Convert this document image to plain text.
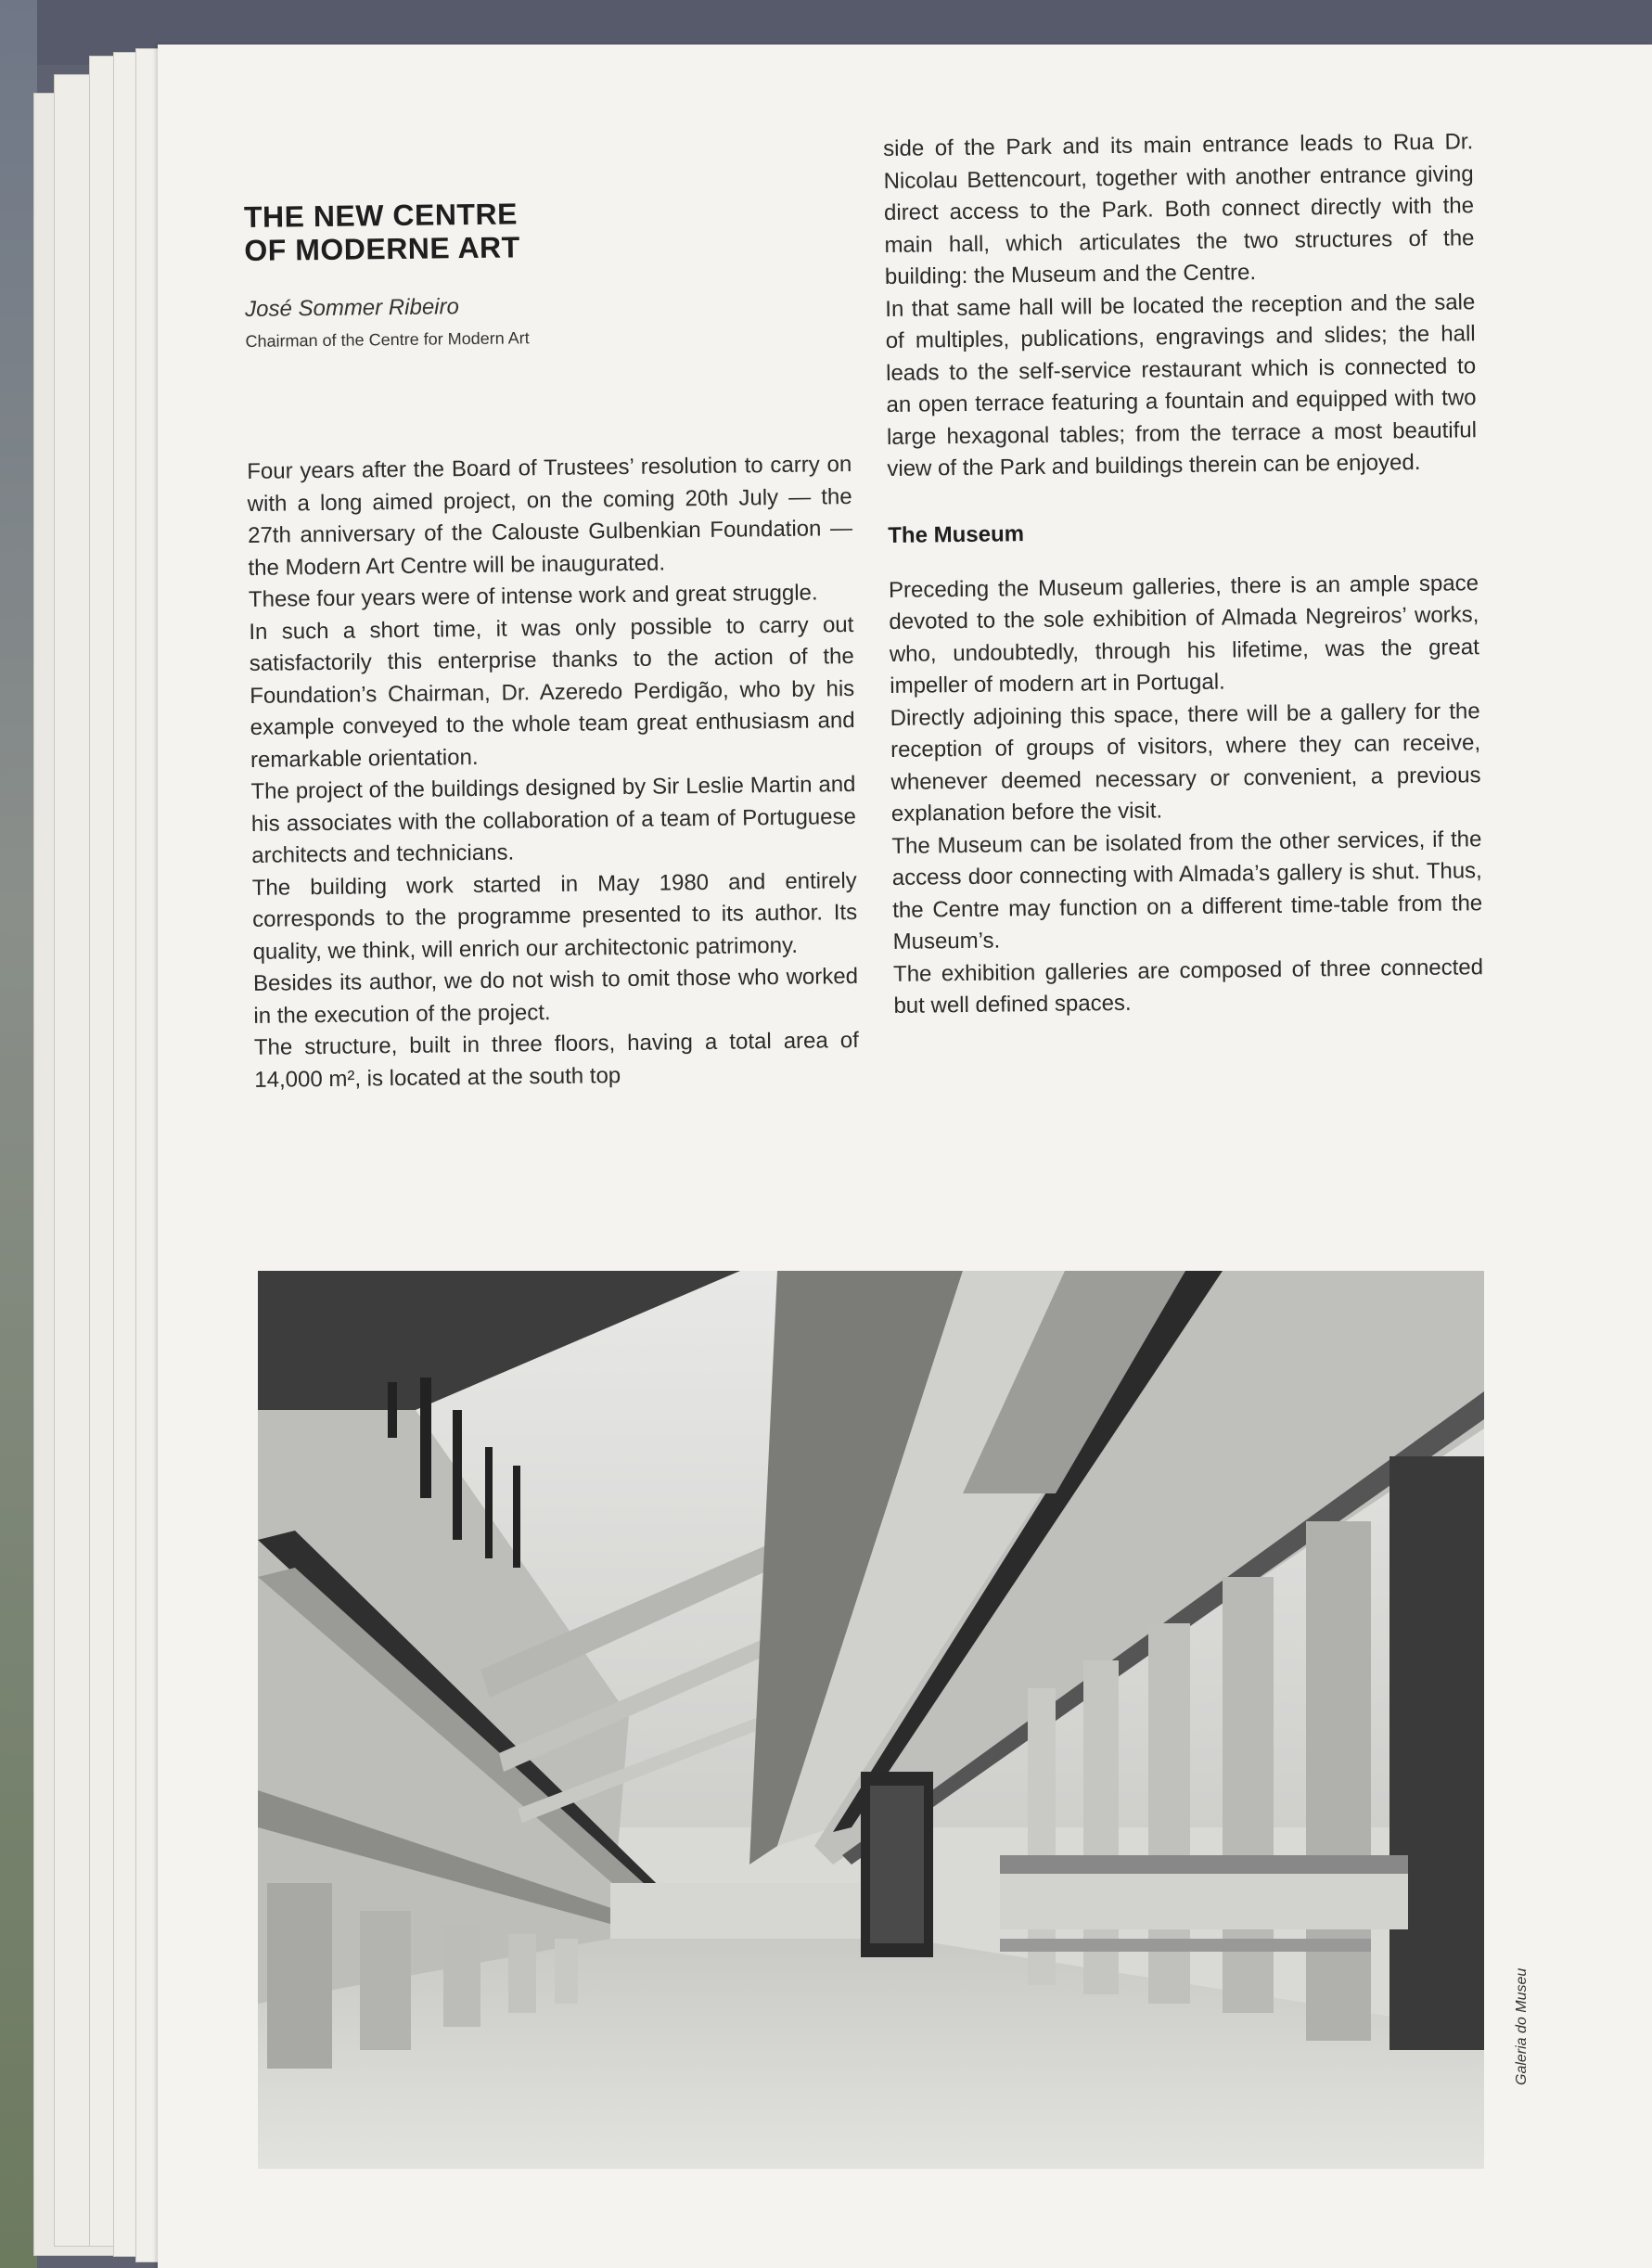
THE NEW CENTRE
OF MODERNE ART
José Sommer Ribeiro
Chairman of the Centre for Modern Art

Four years after the Board of Trustees’ resolution to carry on with a long aimed project, on the coming 20th July — the 27th anniversary of the Calouste Gulbenkian Foundation — the Modern Art Centre will be inaugurated.

These four years were of intense work and great struggle.

In such a short time, it was only possible to carry out satisfactorily this enterprise thanks to the action of the Foundation’s Chairman, Dr. Azeredo Perdigão, who by his example conveyed to the whole team great enthusiasm and remarkable orientation.

The project of the buildings designed by Sir Leslie Martin and his associates with the collaboration of a team of Portuguese architects and technicians.

The building work started in May 1980 and entirely corresponds to the programme presented to its author. Its quality, we think, will enrich our architectonic patrimony.

Besides its author, we do not wish to omit those who worked in the execution of the project.

The structure, built in three floors, having a total area of 14,000 m², is located at the south top

side of the Park and its main entrance leads to Rua Dr. Nicolau Bettencourt, together with another entrance giving direct access to the Park. Both connect directly with the main hall, which articulates the two structures of the building: the Museum and the Centre.

In that same hall will be located the reception and the sale of multiples, publications, engravings and slides; the hall leads to the self-service restaurant which is connected to an open terrace featuring a fountain and equipped with two large hexagonal tables; from the terrace a most beautiful view of the Park and buildings therein can be enjoyed.

The Museum

Preceding the Museum galleries, there is an ample space devoted to the sole exhibition of Almada Negreiros’ works, who, undoubtedly, through his lifetime, was the great impeller of modern art in Portugal.

Directly adjoining this space, there will be a gallery for the reception of groups of visitors, where they can receive, whenever deemed necessary or convenient, a previous explanation before the visit.

The Museum can be isolated from the other services, if the access door connecting with Almada’s gallery is shut. Thus, the Centre may function on a different time-table from the Museum’s.

The exhibition galleries are composed of three connected but well defined spaces.

Galeria do Museu
